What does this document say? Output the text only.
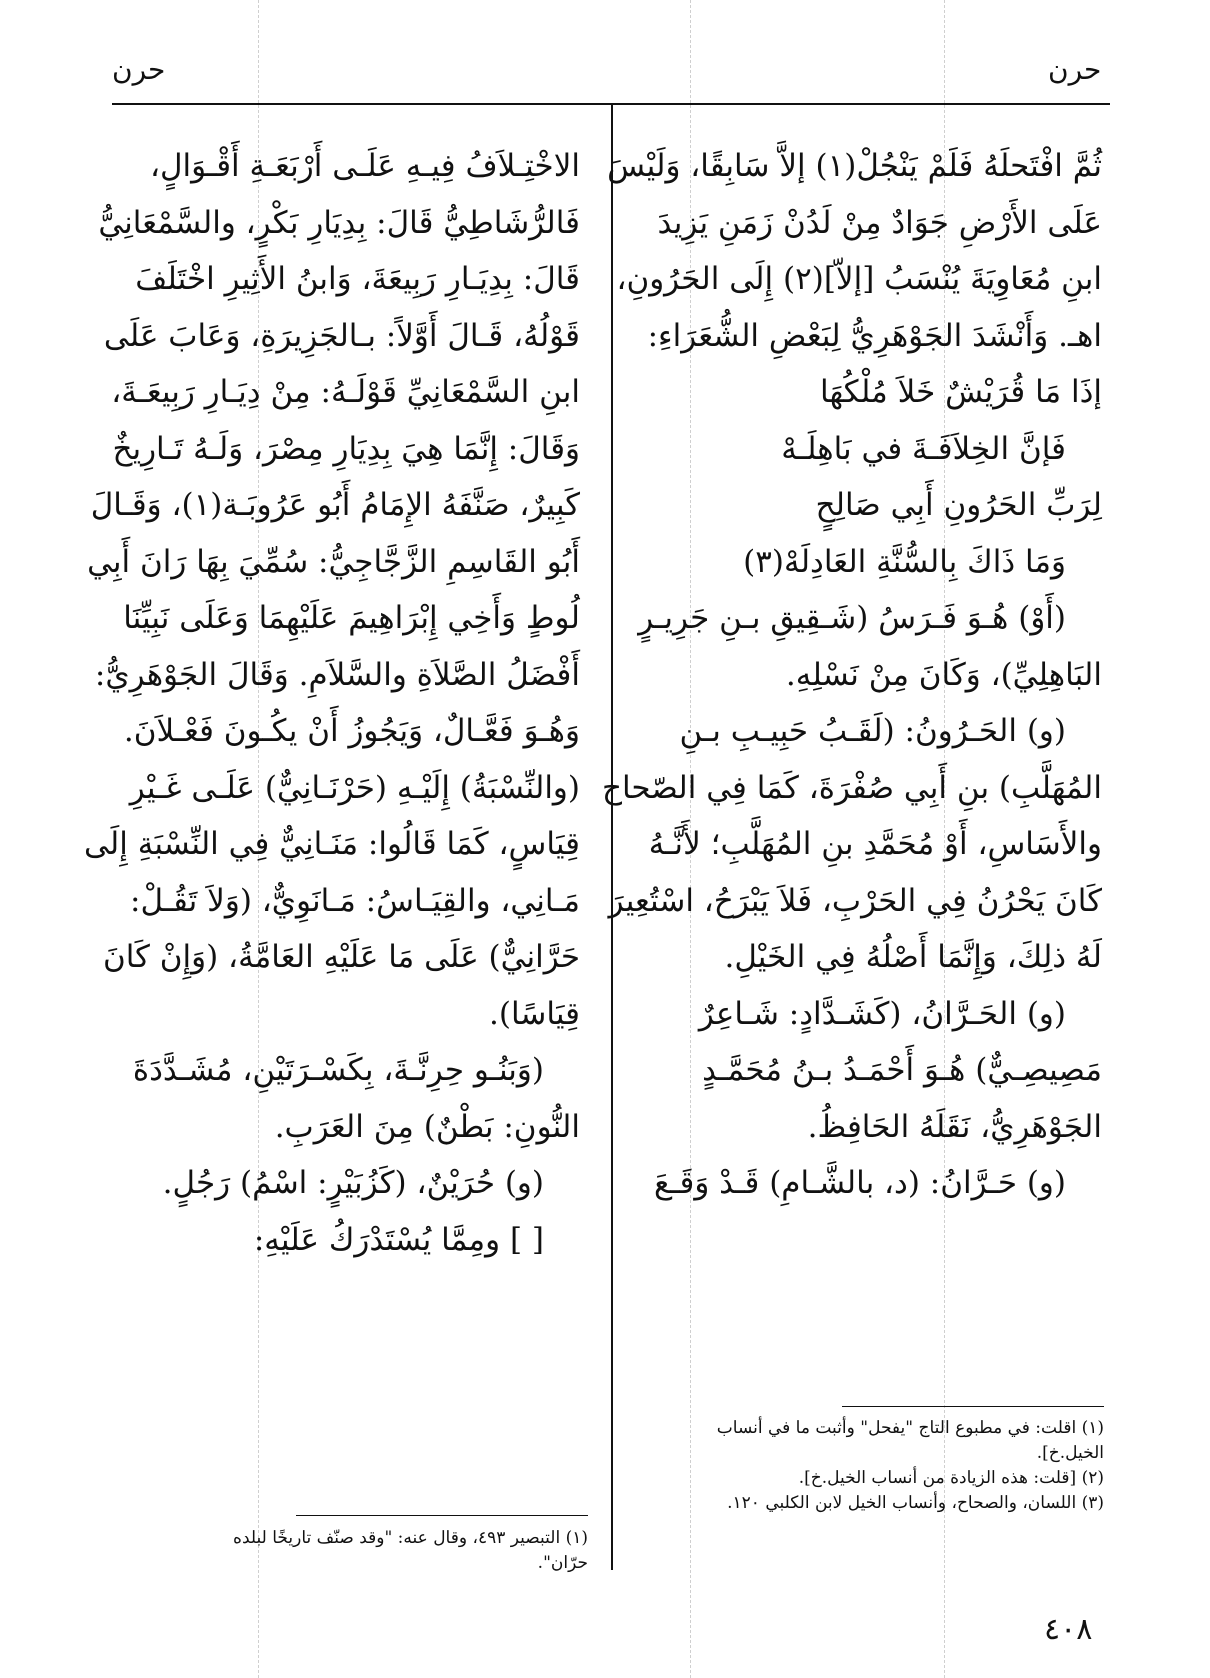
حرن
حرن
ثُمَّ افْتَحلَهُ فَلَمْ يَنْجُلْ(١) إلاَّ سَابِقًا، وَلَيْسَ
عَلَى الأَرْضِ جَوَادٌ مِنْ لَدُنْ زَمَنِ يَزِيدَ
ابنِ مُعَاوِيَةَ يُنْسَبُ [إلاّ](٢) إِلَى الحَرُونِ،
اهـ. وَأَنْشَدَ الجَوْهَرِيُّ لِبَعْضِ الشُّعَرَاءِ:
إذَا مَا قُرَيْشٌ خَلاَ مُلْكُهَا
فَإنَّ الخِلاَفَـةَ في بَاهِلَـهْ
لِرَبِّ الحَرُونِ أَبِي صَالِحٍ
وَمَا ذَاكَ بِالسُّنَّةِ العَادِلَهْ(٣)
(أَوْ) هُـوَ فَـرَسُ (شَـقِيقِ بـنِ جَرِيـرٍ
البَاهِلِيِّ)، وَكَانَ مِنْ نَسْلِهِ.
(و) الحَـرُونُ: (لَقَـبُ حَبِيـبِ بـنِ
المُهَلَّبِ) بنِ أَبِي صُفْرَةَ، كَمَا فِي الصّحاح
والأَسَاسِ، أَوْ مُحَمَّدِ بنِ المُهَلَّبِ؛ لأَنَّـهُ
كَانَ يَحْرُنُ فِي الحَرْبِ، فَلاَ يَبْرَحُ، اسْتُعِيرَ
لَهُ ذلِكَ، وَإِنَّمَا أَصْلُهُ فِي الخَيْلِ.
(و) الحَـرَّانُ، (كَشَـدَّادٍ: شَـاعِرٌ
مَصِيصِـيٌّ) هُـوَ أَحْمَـدُ بـنُ مُحَمَّـدٍ
الجَوْهَرِيُّ، نَقَلَهُ الحَافِظُ.
(و) حَـرَّانُ: (د، بالشَّـامِ) قَـدْ وَقَـعَ
الاخْتِـلاَفُ فِيـهِ عَلَـى أَرْبَعَـةِ أَقْـوَالٍ،
فَالرُّشَاطِيُّ قَالَ: بِدِيَارِ بَكْرٍ، والسَّمْعَانِيُّ
قَالَ: بِدِيَـارِ رَبِيعَةَ، وَابنُ الأَثِيرِ اخْتَلَفَ
قَوْلُهُ، قَـالَ أَوَّلاً: بـالجَزِيرَةِ، وَعَابَ عَلَى
ابنِ السَّمْعَانِيِّ قَوْلَـهُ: مِنْ دِيَـارِ رَبِيعَـةَ،
وَقَالَ: إِنَّمَا هِيَ بِدِيَارِ مِصْرَ، وَلَـهُ تَـارِيخٌ
كَبِيرٌ، صَنَّفَهُ الإِمَامُ أَبُو عَرُوبَـة(١)، وَقَـالَ
أَبُو القَاسِمِ الزَّجَّاجِيُّ: سُمِّيَ بِهَا رَانَ أَبِي
لُوطٍ وَأَخِي إِبْرَاهِيمَ عَلَيْهِمَا وَعَلَى نَبِيِّنَا
أَفْضَلُ الصَّلاَةِ والسَّلاَمِ. وَقَالَ الجَوْهَرِيُّ:
وَهُـوَ فَعَّـالٌ، وَيَجُوزُ أَنْ يكُـونَ فَعْـلاَنَ.
(والنِّسْبَةُ) إِلَيْـهِ (حَرْنَـانِيٌّ) عَلَـى غَـيْرِ
قِيَاسٍ، كَمَا قَالُوا: مَنَـانِيٌّ فِي النِّسْبَةِ إِلَى
مَـانِي، والقِيَـاسُ: مَـانَوِيٌّ، (وَلاَ تَقُـلْ:
حَرَّانِيٌّ) عَلَى مَا عَلَيْهِ العَامَّةُ، (وَإِنْ كَانَ
قِيَاسًا).
(وَبَنُـو حِرِنَّـةَ، بِكَسْـرَتَيْنِ، مُشَـدَّدَةَ
النُّونِ: بَطْنٌ) مِنَ العَرَبِ.
(و) حُرَيْنٌ، (كَزُبَيْرٍ: اسْمُ) رَجُلٍ.
[ ] ومِمَّا يُسْتَدْرَكُ عَلَيْهِ:

(١) اقلت: في مطبوع التاج "يفحل" وأثبت ما في أنساب

الخيل.خ].

(٢) [قلت: هذه الزيادة من أنساب الخيل.خ].

(٣) اللسان، والصحاح، وأنساب الخيل لابن الكلبي ١٢٠.

(١) التبصير ٤٩٣، وقال عنه: "وقد صنّف تاريخًا لبلده

حرّان".

٤٠٨
